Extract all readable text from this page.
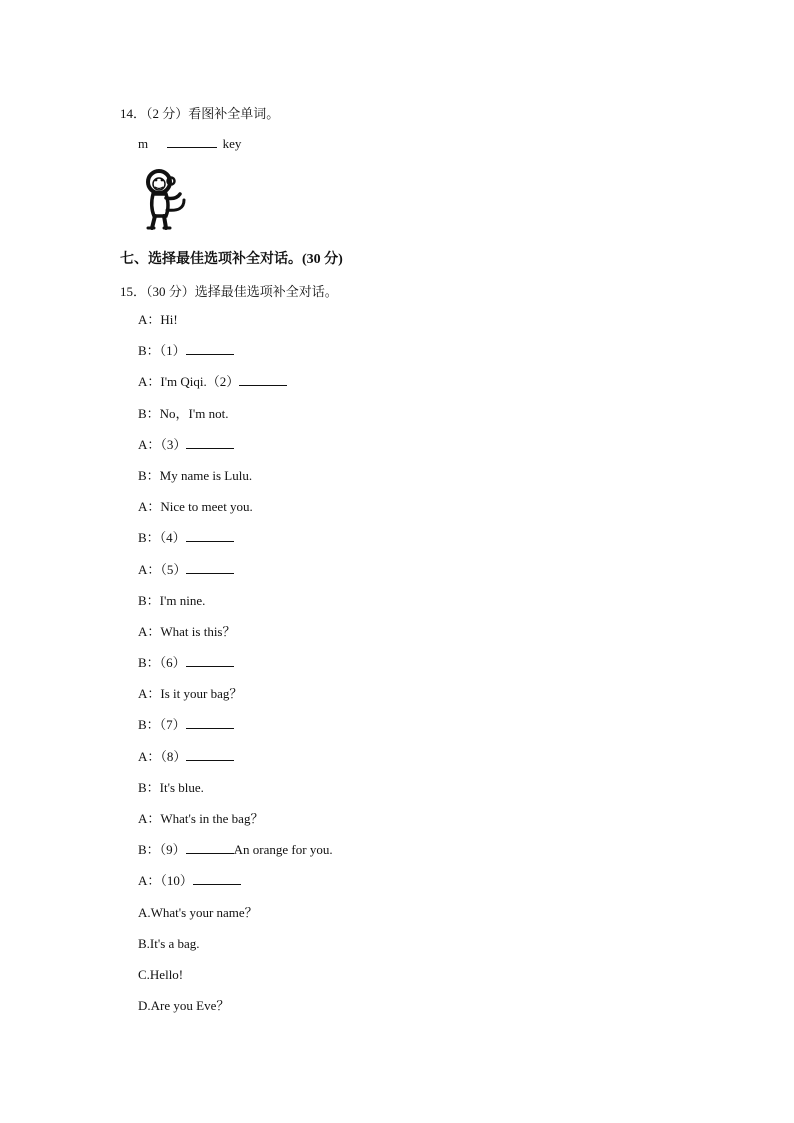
14．（2 分）看图补全单词。
m	key
七、选择最佳选项补全对话。(30 分)
15．（30 分）选择最佳选项补全对话。
A：Hi!
B：（1）
A：I'm Qiqi.（2）
B：No，I'm not.
A：（3）
B：My name is Lulu.
A：Nice to meet you.
B：（4）
A：（5）
B：I'm nine.
A：What is this？
B：（6）
A：Is it your bag？
B：（7）
A：（8）
B：It's blue.
A：What's in the bag？
B：（9）	An orange for you.
A：（10）
A.What's your name？
B.It's a bag.
C.Hello!
D.Are you Eve？
